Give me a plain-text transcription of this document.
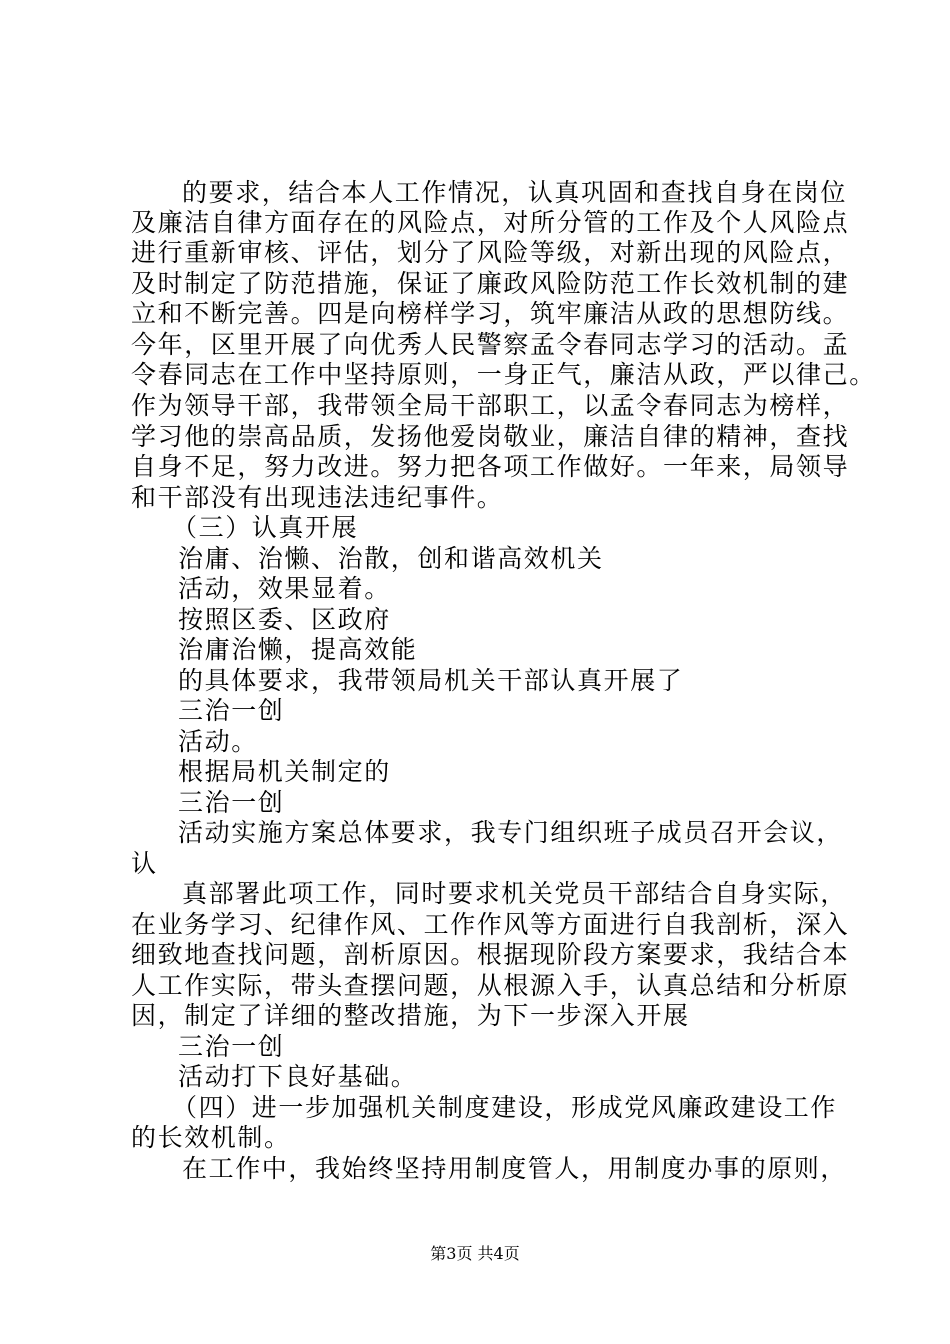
的要求，结合本人工作情况，认真巩固和查找自身在岗位
及廉洁自律方面存在的风险点，对所分管的工作及个人风险点
进行重新审核、评估，划分了风险等级，对新出现的风险点，
及时制定了防范措施，保证了廉政风险防范工作长效机制的建
立和不断完善。四是向榜样学习，筑牢廉洁从政的思想防线。
今年，区里开展了向优秀人民警察孟令春同志学习的活动。孟
令春同志在工作中坚持原则，一身正气，廉洁从政，严以律己。
作为领导干部，我带领全局干部职工，以孟令春同志为榜样，
学习他的崇高品质，发扬他爱岗敬业，廉洁自律的精神，查找
自身不足，努力改进。努力把各项工作做好。一年来，局领导
和干部没有出现违法违纪事件。
（三）认真开展
治庸、治懒、治散，创和谐高效机关
活动，效果显着。
按照区委、区政府
治庸治懒，提高效能
的具体要求，我带领局机关干部认真开展了
三治一创
活动。
根据局机关制定的
三治一创
活动实施方案总体要求，我专门组织班子成员召开会议，
认
真部署此项工作，同时要求机关党员干部结合自身实际，
在业务学习、纪律作风、工作作风等方面进行自我剖析，深入
细致地查找问题，剖析原因。根据现阶段方案要求，我结合本
人工作实际，带头查摆问题，从根源入手，认真总结和分析原
因，制定了详细的整改措施，为下一步深入开展
三治一创
活动打下良好基础。
（四）进一步加强机关制度建设，形成党风廉政建设工作
的长效机制。
在工作中，我始终坚持用制度管人，用制度办事的原则，
第3页 共4页
